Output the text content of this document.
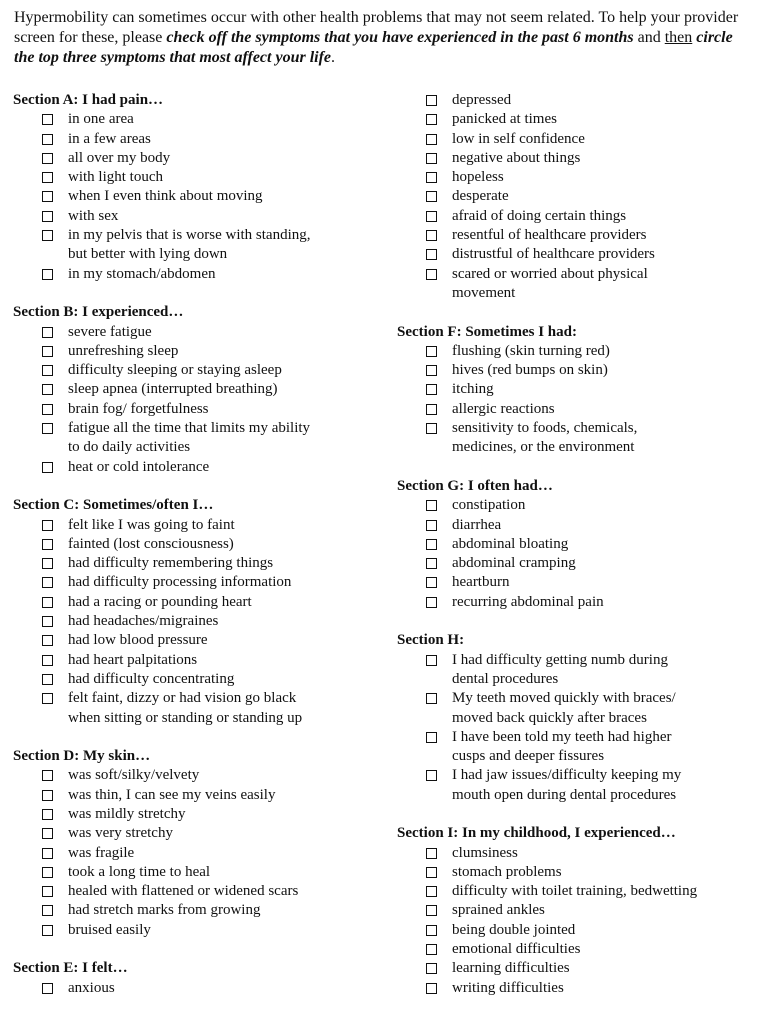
Hypermobility can sometimes occur with other health problems that may not seem related. To help your provider screen for these, please check off the symptoms that you have experienced in the past 6 months and then circle the top three symptoms that most affect your life.
Section A: I had pain…
in one area
in a few areas
all over my body
with light touch
when I even think about moving
with sex
in my pelvis that is worse with standing,
but better with lying down
in my stomach/abdomen
Section B: I experienced…
severe fatigue
unrefreshing sleep
difficulty sleeping or staying asleep
sleep apnea (interrupted breathing)
brain fog/ forgetfulness
fatigue all the time that limits my ability
to do daily activities
heat or cold intolerance
Section C: Sometimes/often I…
felt like I was going to faint
fainted (lost consciousness)
had difficulty remembering things
had difficulty processing information
had a racing or pounding heart
had headaches/migraines
had low blood pressure
had heart palpitations
had difficulty concentrating
felt faint, dizzy or had vision go black
when sitting or standing or standing up
Section D: My skin…
was soft/silky/velvety
was thin, I can see my veins easily
was mildly stretchy
was very stretchy
was fragile
took a long time to heal
healed with flattened or widened scars
had stretch marks from growing
bruised easily
Section E: I felt…
anxious
depressed
panicked at times
low in self confidence
negative about things
hopeless
desperate
afraid of doing certain things
resentful of healthcare providers
distrustful of healthcare providers
scared or worried about physical
movement
Section F: Sometimes I had:
flushing (skin turning red)
hives (red bumps on skin)
itching
allergic reactions
sensitivity to foods, chemicals,
medicines, or the environment
Section G: I often had…
constipation
diarrhea
abdominal bloating
abdominal cramping
heartburn
recurring abdominal pain
Section H:
I had difficulty getting numb during
dental procedures
My teeth moved quickly with braces/
moved back quickly after braces
I have been told my teeth had higher
cusps and deeper fissures
I had jaw issues/difficulty keeping my
mouth open during dental procedures
Section I: In my childhood, I experienced…
clumsiness
stomach problems
difficulty with toilet training, bedwetting
sprained ankles
being double jointed
emotional difficulties
learning difficulties
writing difficulties
